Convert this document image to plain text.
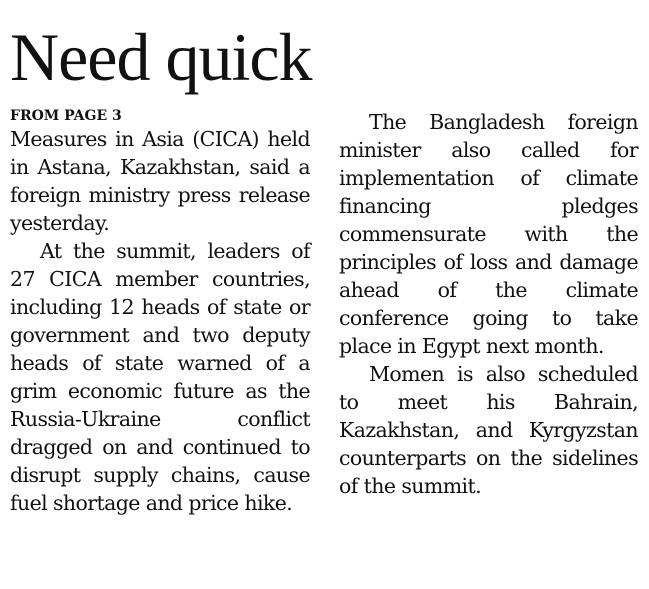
Need quick
FROM PAGE 3

Measures in Asia (CICA) held in Astana, Kazakhstan, said a foreign ministry press release yesterday.

At the summit, leaders of 27 CICA member countries, including 12 heads of state or government and two deputy heads of state warned of a grim economic future as the Russia-Ukraine conflict dragged on and continued to disrupt supply chains, cause fuel shortage and price hike.

The Bangladesh foreign minister also called for implementation of climate financing pledges commensurate with the principles of loss and damage ahead of the climate conference going to take place in Egypt next month.

Momen is also scheduled to meet his Bahrain, Kazakhstan, and Kyrgyzstan counterparts on the sidelines of the summit.
